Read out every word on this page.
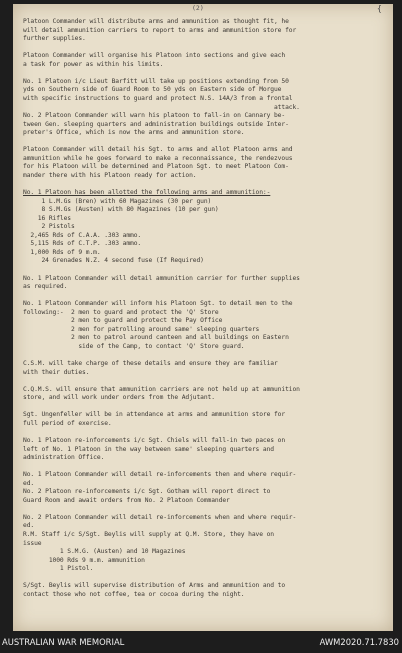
(2)	{
Platoon Commander will distribute arms and ammunition as thought fit, he
will detail ammunition carriers to report to arms and ammunition store for
further supplies.
Platoon Commander will organise his Platoon into sections and give each
a task for power as within his limits.
No. 1 Platoon i/c Lieut Barfitt will take up positions extending from 50
yds on Southern side of Guard Room to 50 yds on Eastern side of Morgue
with specific instructions to guard and protect N.S. 14A/3 from a frontal
attack.
No. 2 Platoon Commander will warn his platoon to fall-in on Cannary be-
tween Gen. sleeping quarters and administration buildings outside Inter-
preter's Office, which is now the arms and ammunition store.
Platoon Commander will detail his Sgt. to arms and allot Platoon arms and
ammunition while he goes forward to make a reconnaissance, the rendezvous
for his Platoon will be determined and Platoon Sgt. to meet Platoon Com-
mander there with his Platoon ready for action.
No. 1 Platoon has been allotted the following arms and ammunition:-
1 L.M.Gs (Bren) with 60 Magazines (30 per gun)
8 S.M.Gs (Austen) with 80 Magazines (10 per gun)
16 Rifles
2 Pistols
2,465 Rds of C.A.A. .303 ammo.
5,115 Rds of C.T.P. .303 ammo.
1,000 Rds of 9 m.m.
24 Grenades N.Z. 4 second fuse (If Required)
No. 1 Platoon Commander will detail ammunition carrier for further supplies
as required.
No. 1 Platoon Commander will inform his Platoon Sgt. to detail men to the
following:-  2 men to guard and protect the 'Q' Store
2 men to guard and protect the Pay Office
2 men for patrolling around same' sleeping quarters
2 men to patrol around canteen and all buildings on Eastern
side of the Camp, to contact 'Q' Store guard.
C.S.M. will take charge of these details and ensure they are familiar
with their duties.
C.Q.M.S. will ensure that ammunition carriers are not held up at ammunition
store, and will work under orders from the Adjutant.
Sgt. Ungenfeller will be in attendance at arms and ammunition store for
full period of exercise.
No. 1 Platoon re-inforcements i/c Sgt. Chiels will fall-in two paces on
left of No. 1 Platoon in the way between same' sleeping quarters and
administration Office.
No. 1 Platoon Commander will detail re-inforcements then and where requir-
ed.
No. 2 Platoon re-inforcements i/c Sgt. Gotham will report direct to
Guard Room and await orders from No. 2 Platoon Commander
No. 2 Platoon Commander will detail re-inforcements when and where requir-
ed.
R.M. Staff i/c S/Sgt. Beylis will supply at Q.M. Store, they have on
issue
1 S.M.G. (Austen) and 10 Magazines
1000 Rds 9 m.m. ammunition
1 Pistol.
S/Sgt. Beylis will supervise distribution of Arms and ammunition and to
contact those who not coffee, tea or cocoa during the night.
AUSTRALIAN WAR MEMORIAL	AWM2020.71.7830
